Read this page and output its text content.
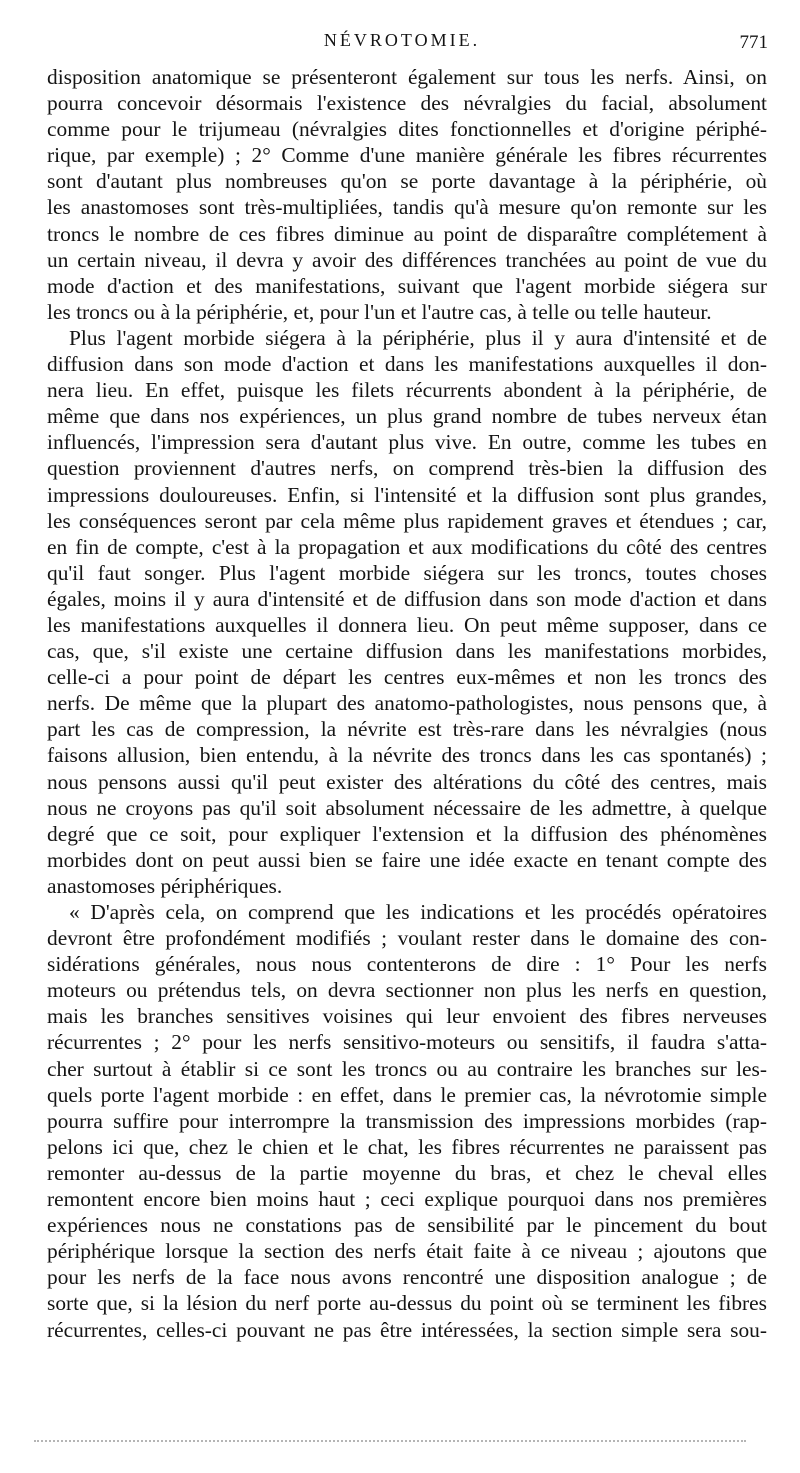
NÉVROTOMIE.	771
disposition anatomique se présenteront également sur tous les nerfs. Ainsi, on
pourra concevoir désormais l'existence des névralgies du facial, absolument
comme pour le trijumeau (névralgies dites fonctionnelles et d'origine périphé-
rique, par exemple) ; 2° Comme d'une manière générale les fibres récurrentes
sont d'autant plus nombreuses qu'on se porte davantage à la périphérie, où
les anastomoses sont très-multipliées, tandis qu'à mesure qu'on remonte sur les
troncs le nombre de ces fibres diminue au point de disparaître complétement à
un certain niveau, il devra y avoir des différences tranchées au point de vue du
mode d'action et des manifestations, suivant que l'agent morbide siégera sur
les troncs ou à la périphérie, et, pour l'un et l'autre cas, à telle ou telle hauteur.
Plus l'agent morbide siégera à la périphérie, plus il y aura d'intensité et de
diffusion dans son mode d'action et dans les manifestations auxquelles il don-
nera lieu. En effet, puisque les filets récurrents abondent à la périphérie, de
même que dans nos expériences, un plus grand nombre de tubes nerveux étan
influencés, l'impression sera d'autant plus vive. En outre, comme les tubes en
question proviennent d'autres nerfs, on comprend très-bien la diffusion des
impressions douloureuses. Enfin, si l'intensité et la diffusion sont plus grandes,
les conséquences seront par cela même plus rapidement graves et étendues ; car,
en fin de compte, c'est à la propagation et aux modifications du côté des centres
qu'il faut songer. Plus l'agent morbide siégera sur les troncs, toutes choses
égales, moins il y aura d'intensité et de diffusion dans son mode d'action et dans
les manifestations auxquelles il donnera lieu. On peut même supposer, dans ce
cas, que, s'il existe une certaine diffusion dans les manifestations morbides,
celle-ci a pour point de départ les centres eux-mêmes et non les troncs des
nerfs. De même que la plupart des anatomo-pathologistes, nous pensons que, à
part les cas de compression, la névrite est très-rare dans les névralgies (nous
faisons allusion, bien entendu, à la névrite des troncs dans les cas spontanés) ;
nous pensons aussi qu'il peut exister des altérations du côté des centres, mais
nous ne croyons pas qu'il soit absolument nécessaire de les admettre, à quelque
degré que ce soit, pour expliquer l'extension et la diffusion des phénomènes
morbides dont on peut aussi bien se faire une idée exacte en tenant compte des
anastomoses périphériques.
« D'après cela, on comprend que les indications et les procédés opératoires
devront être profondément modifiés ; voulant rester dans le domaine des con-
sidérations générales, nous nous contenterons de dire : 1° Pour les nerfs
moteurs ou prétendus tels, on devra sectionner non plus les nerfs en question,
mais les branches sensitives voisines qui leur envoient des fibres nerveuses
récurrentes ; 2° pour les nerfs sensitivo-moteurs ou sensitifs, il faudra s'atta-
cher surtout à établir si ce sont les troncs ou au contraire les branches sur les-
quels porte l'agent morbide : en effet, dans le premier cas, la névrotomie simple
pourra suffire pour interrompre la transmission des impressions morbides (rap-
pelons ici que, chez le chien et le chat, les fibres récurrentes ne paraissent pas
remonter au-dessus de la partie moyenne du bras, et chez le cheval elles
remontent encore bien moins haut ; ceci explique pourquoi dans nos premières
expériences nous ne constations pas de sensibilité par le pincement du bout
périphérique lorsque la section des nerfs était faite à ce niveau ; ajoutons que
pour les nerfs de la face nous avons rencontré une disposition analogue ; de
sorte que, si la lésion du nerf porte au-dessus du point où se terminent les fibres
récurrentes, celles-ci pouvant ne pas être intéressées, la section simple sera sou-
